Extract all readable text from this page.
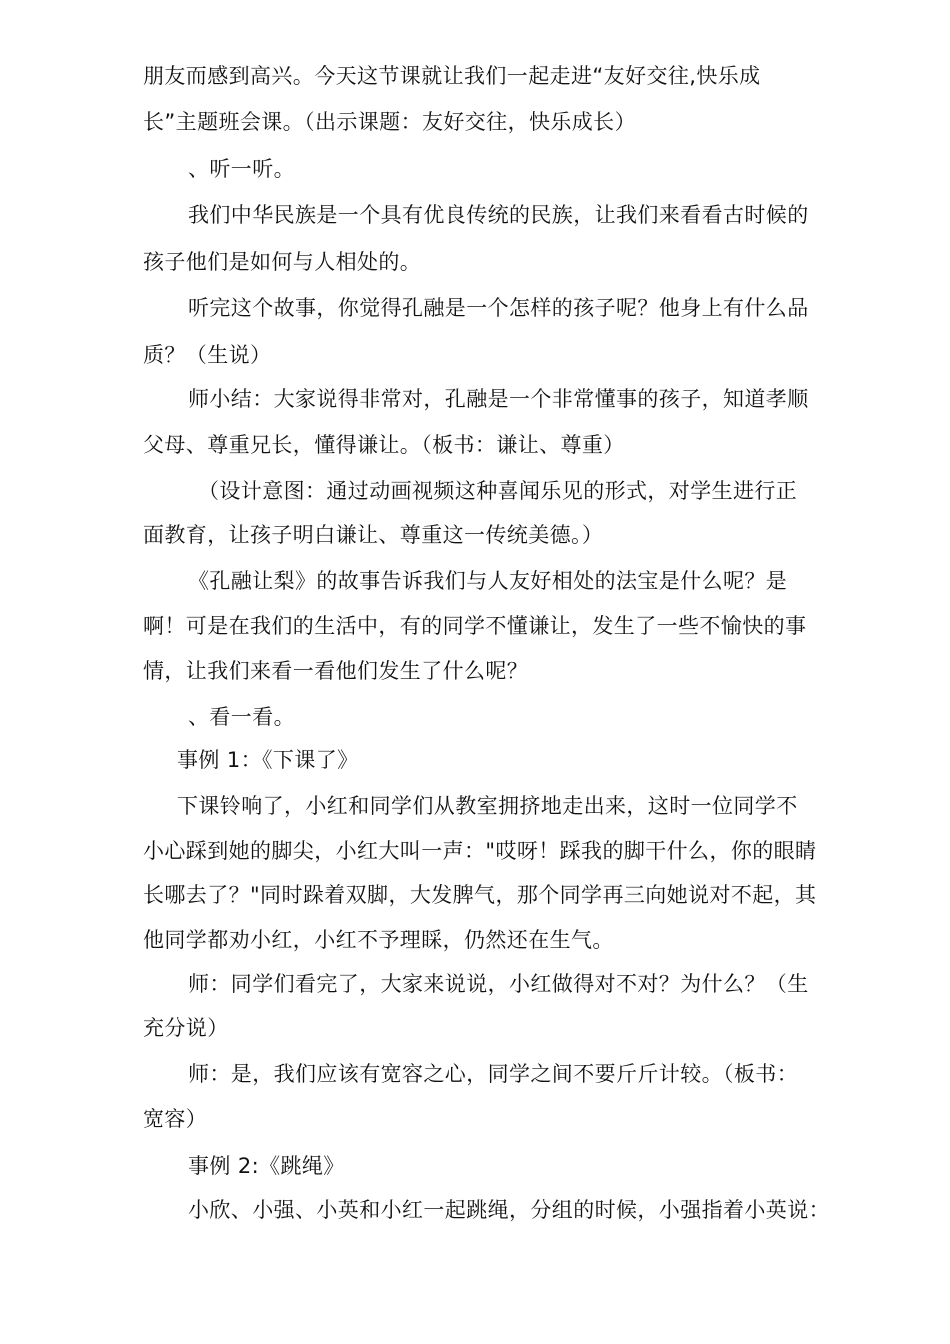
朋友而感到高兴。今天这节课就让我们一起走进“友好交往,快乐成
长”主题班会课。（出示课题：友好交往，快乐成长）
、听一听。
我们中华民族是一个具有优良传统的民族，让我们来看看古时候的
孩子他们是如何与人相处的。
听完这个故事，你觉得孔融是一个怎样的孩子呢？他身上有什么品
质？（生说）
师小结：大家说得非常对，孔融是一个非常懂事的孩子，知道孝顺
父母、尊重兄长，懂得谦让。（板书：谦让、尊重）
（设计意图：通过动画视频这种喜闻乐见的形式，对学生进行正
面教育，让孩子明白谦让、尊重这一传统美德。）
《孔融让梨》的故事告诉我们与人友好相处的法宝是什么呢？是
啊！可是在我们的生活中，有的同学不懂谦让，发生了一些不愉快的事
情，让我们来看一看他们发生了什么呢？
、看一看。
事例 1：《下课了》
下课铃响了，小红和同学们从教室拥挤地走出来，这时一位同学不
小心踩到她的脚尖，小红大叫一声："哎呀！踩我的脚干什么，你的眼睛
长哪去了？"同时跺着双脚，大发脾气，那个同学再三向她说对不起，其
他同学都劝小红，小红不予理睬，仍然还在生气。
师：同学们看完了，大家来说说，小红做得对不对？为什么？（生
充分说）
师：是，我们应该有宽容之心，同学之间不要斤斤计较。（板书：
宽容）
事例 2:《跳绳》
小欣、小强、小英和小红一起跳绳，分组的时候，小强指着小英说：
